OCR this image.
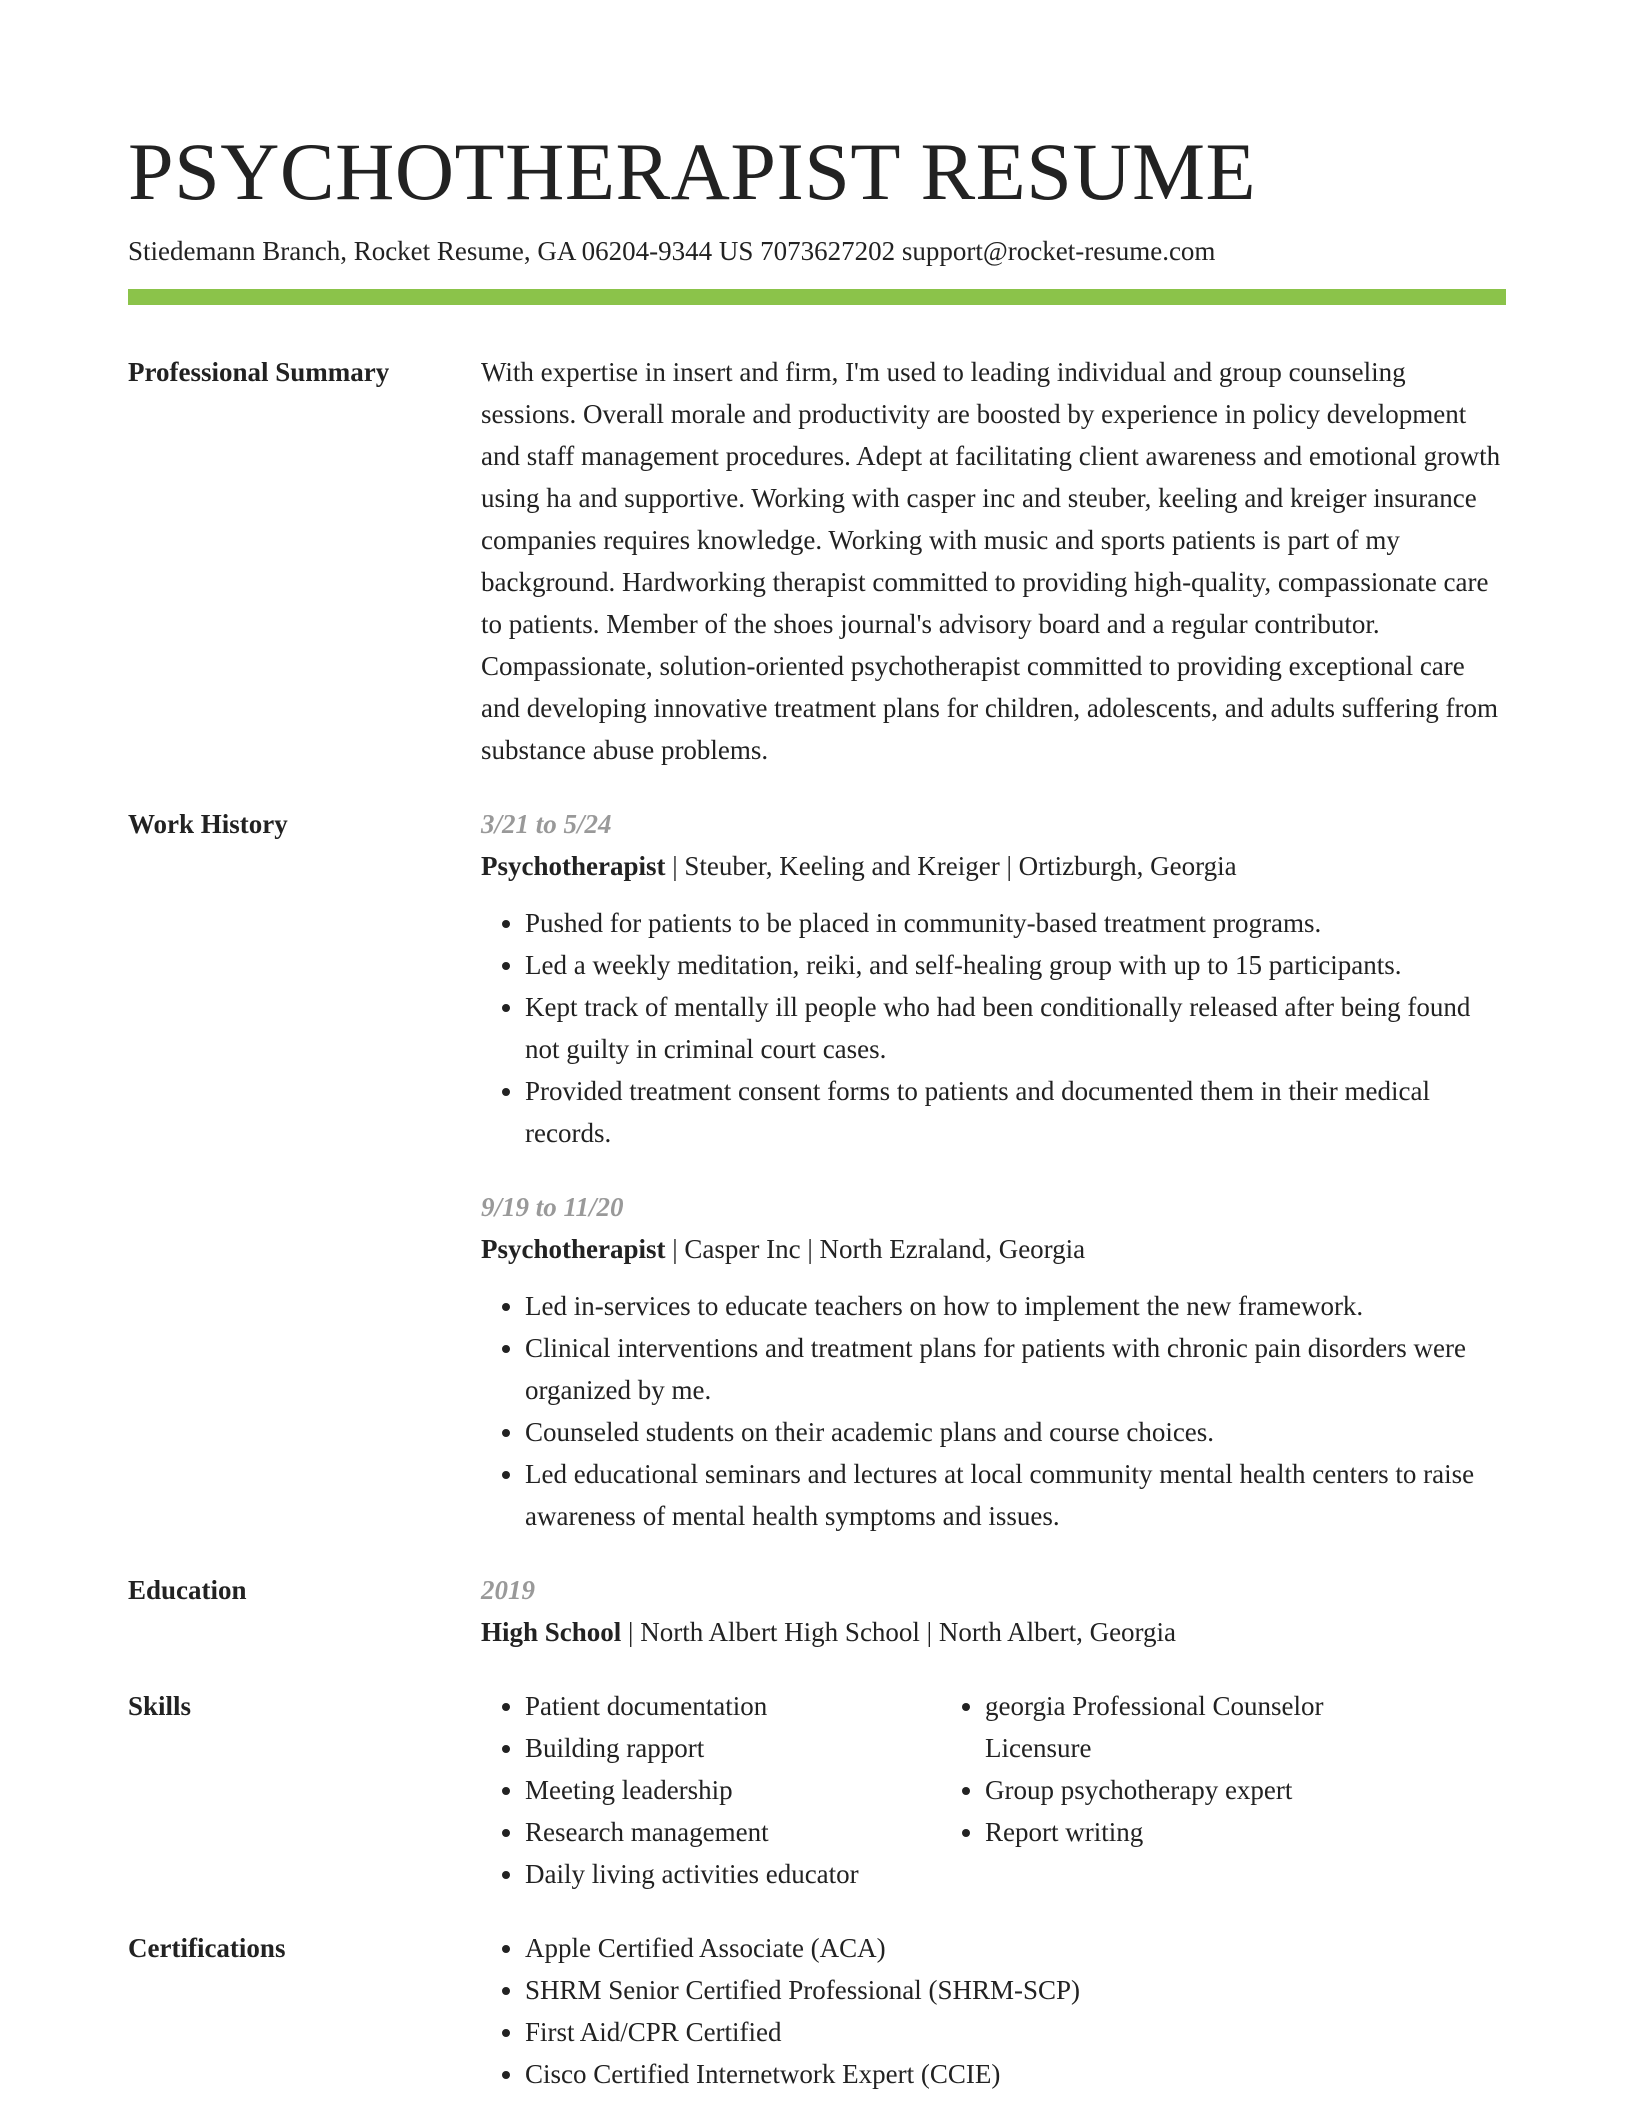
PSYCHOTHERAPIST RESUME
Stiedemann Branch, Rocket Resume, GA 06204-9344 US 7073627202 support@rocket-resume.com
Professional Summary	With expertise in insert and firm, I'm used to leading individual and group counseling sessions. Overall morale and productivity are boosted by experience in policy development and staff management procedures. Adept at facilitating client awareness and emotional growth using ha and supportive. Working with casper inc and steuber, keeling and kreiger insurance companies requires knowledge. Working with music and sports patients is part of my background. Hardworking therapist committed to providing high-quality, compassionate care to patients. Member of the shoes journal's advisory board and a regular contributor. Compassionate, solution-oriented psychotherapist committed to providing exceptional care and developing innovative treatment plans for children, adolescents, and adults suffering from substance abuse problems.

Work History	3/21 to 5/24
Psychotherapist | Steuber, Keeling and Kreiger | Ortizburgh, Georgia
• Pushed for patients to be placed in community-based treatment programs.
• Led a weekly meditation, reiki, and self-healing group with up to 15 participants.
• Kept track of mentally ill people who had been conditionally released after being found not guilty in criminal court cases.
• Provided treatment consent forms to patients and documented them in their medical records.
9/19 to 11/20
Psychotherapist | Casper Inc | North Ezraland, Georgia
• Led in-services to educate teachers on how to implement the new framework.
• Clinical interventions and treatment plans for patients with chronic pain disorders were organized by me.
• Counseled students on their academic plans and course choices.
• Led educational seminars and lectures at local community mental health centers to raise awareness of mental health symptoms and issues.
Education	2019
High School | North Albert High School | North Albert, Georgia
Skills	• Patient documentation
• Building rapport
• Meeting leadership
• Research management
• Daily living activities educator
• georgia Professional Counselor Licensure
• Group psychotherapy expert
• Report writing
Certifications	• Apple Certified Associate (ACA)
• SHRM Senior Certified Professional (SHRM-SCP)
• First Aid/CPR Certified
• Cisco Certified Internetwork Expert (CCIE)
